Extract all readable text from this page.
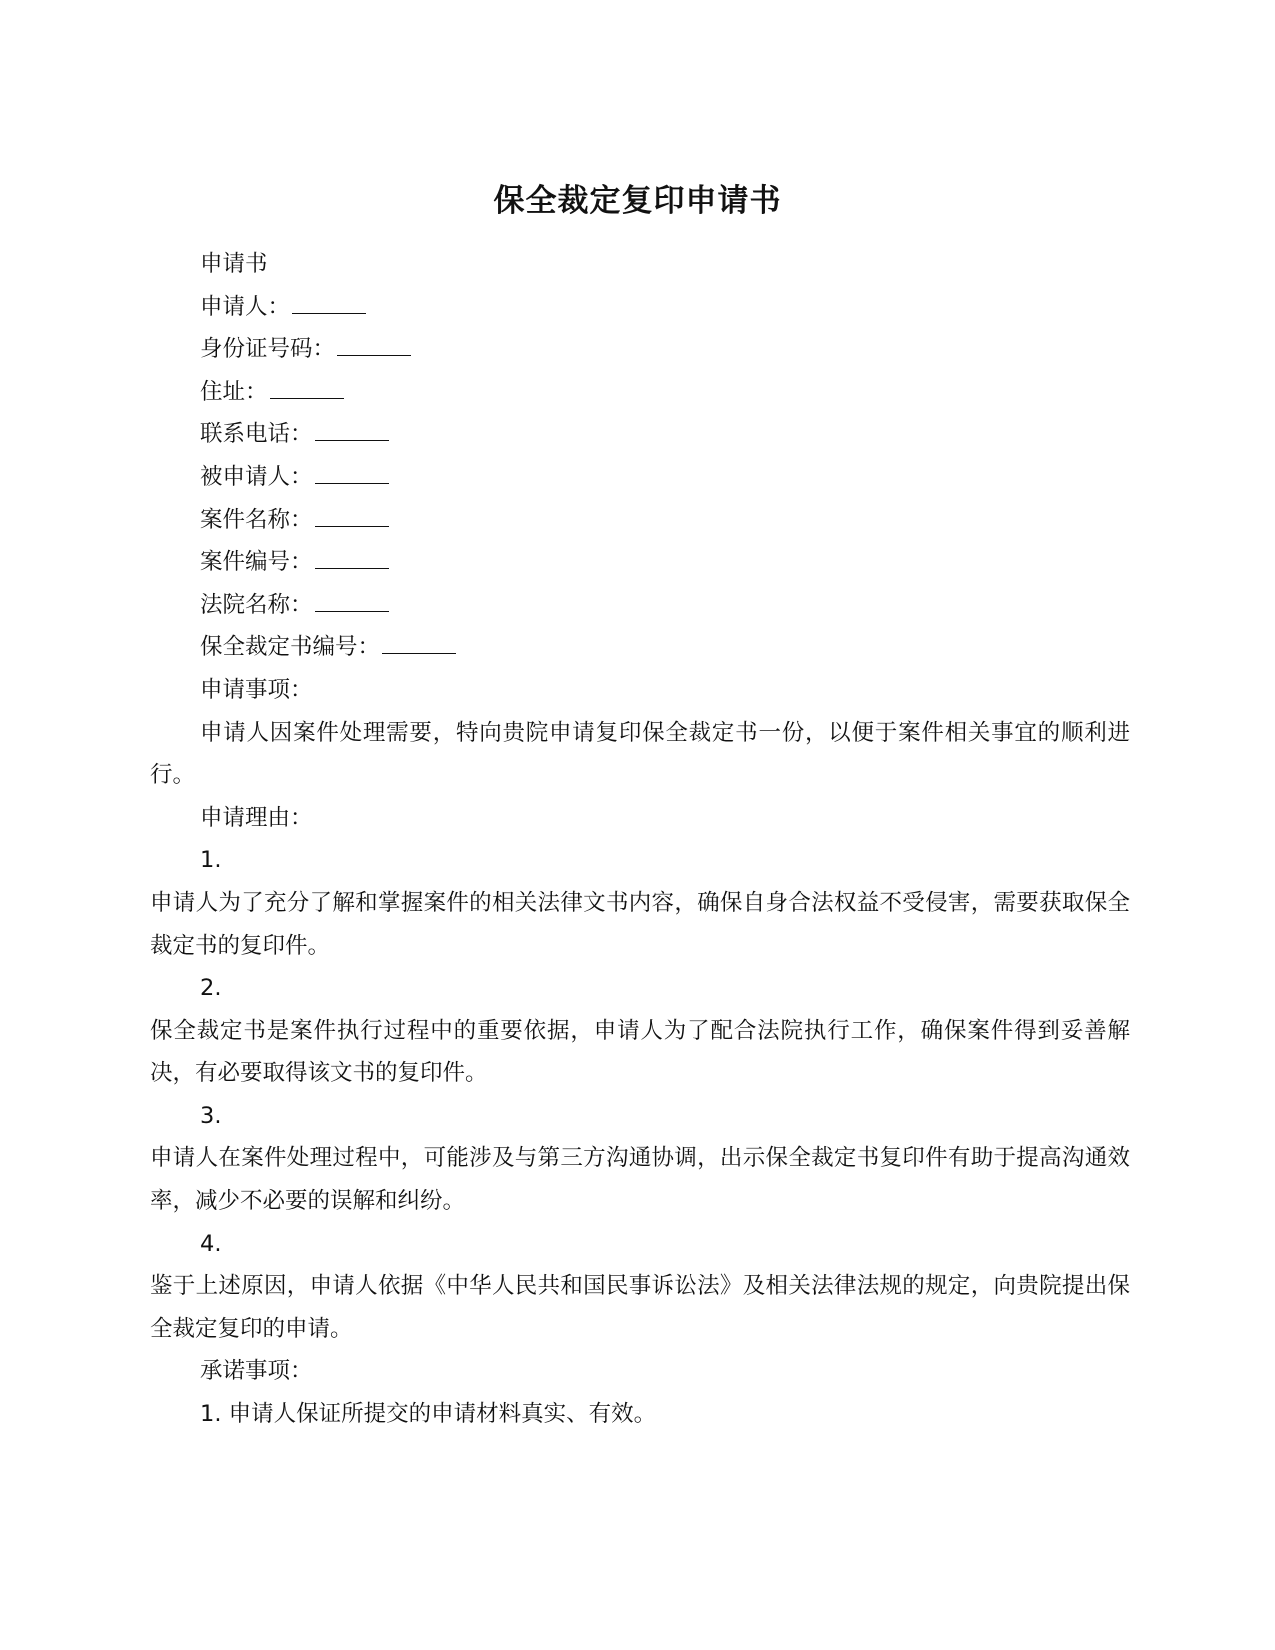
保全裁定复印申请书

申请书

申请人：

身份证号码：

住址：

联系电话：

被申请人：

案件名称：

案件编号：

法院名称：

保全裁定书编号：

申请事项：

申请人因案件处理需要，特向贵院申请复印保全裁定书一份，以便于案件相关事宜的顺利进行。

申请理由：

1.

申请人为了充分了解和掌握案件的相关法律文书内容，确保自身合法权益不受侵害，需要获取保全裁定书的复印件。

2.

保全裁定书是案件执行过程中的重要依据，申请人为了配合法院执行工作，确保案件得到妥善解决，有必要取得该文书的复印件。

3.

申请人在案件处理过程中，可能涉及与第三方沟通协调，出示保全裁定书复印件有助于提高沟通效率，减少不必要的误解和纠纷。

4.

鉴于上述原因，申请人依据《中华人民共和国民事诉讼法》及相关法律法规的规定，向贵院提出保全裁定复印的申请。

承诺事项：

1. 申请人保证所提交的申请材料真实、有效。
